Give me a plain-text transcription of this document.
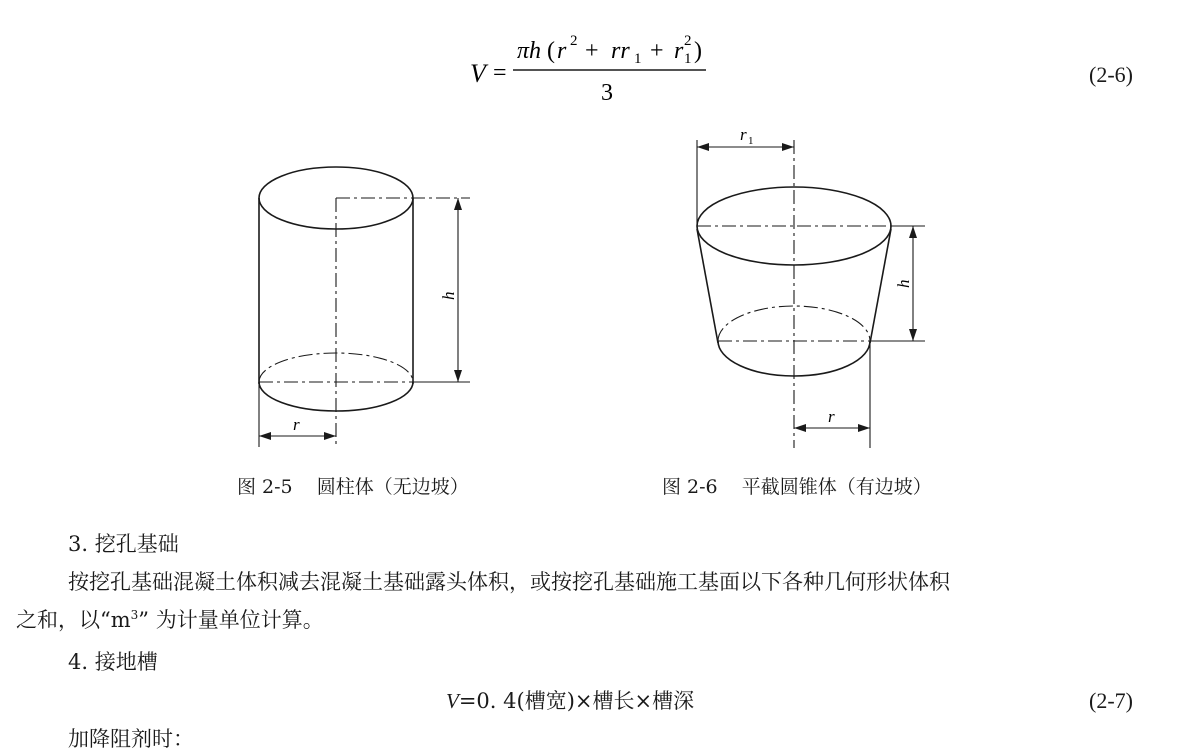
V =
πh ( r 2 + rr 1 + r 2
1 )
3
(2-6)
h
r
图 2-5    圆柱体（无边坡）
r 1
h
r
图 2-6    平截圆锥体（有边坡）
3. 挖孔基础
按挖孔基础混凝土体积减去混凝土基础露头体积，或按挖孔基础施工基面以下各种几何形状体积
之和，以“$m^3$” 为计量单位计算。
4. 接地槽
V=0. 4(槽宽)×槽长×槽深	(2-7)
加降阻剂时：
